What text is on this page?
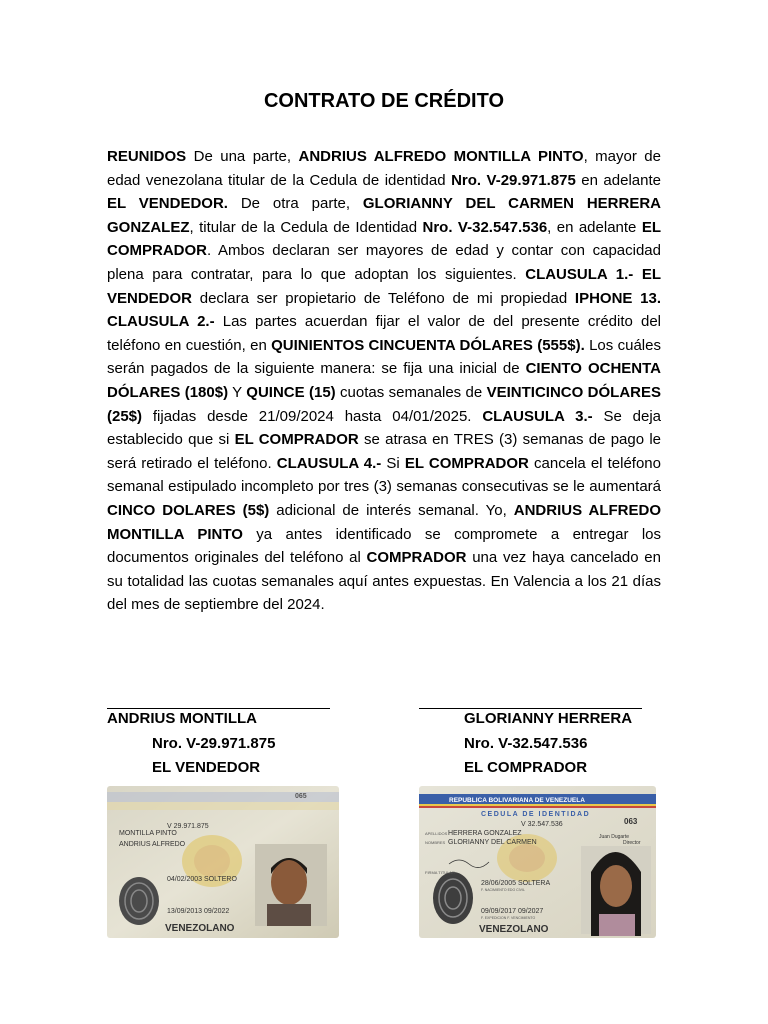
CONTRATO DE CRÉDITO
REUNIDOS De una parte, ANDRIUS ALFREDO MONTILLA PINTO, mayor de edad venezolana titular de la Cedula de identidad Nro. V-29.971.875 en adelante EL VENDEDOR. De otra parte, GLORIANNY DEL CARMEN HERRERA GONZALEZ, titular de la Cedula de Identidad Nro. V-32.547.536, en adelante EL COMPRADOR. Ambos declaran ser mayores de edad y contar con capacidad plena para contratar, para lo que adoptan los siguientes. CLAUSULA 1.- EL VENDEDOR declara ser propietario de Teléfono de mi propiedad IPHONE 13. CLAUSULA 2.- Las partes acuerdan fijar el valor de del presente crédito del teléfono en cuestión, en QUINIENTOS CINCUENTA DÓLARES (555$). Los cuáles serán pagados de la siguiente manera: se fija una inicial de CIENTO OCHENTA DÓLARES (180$) Y QUINCE (15) cuotas semanales de VEINTICINCO DÓLARES (25$) fijadas desde 21/09/2024 hasta 04/01/2025. CLAUSULA 3.- Se deja establecido que si EL COMPRADOR se atrasa en TRES (3) semanas de pago le será retirado el teléfono. CLAUSULA 4.- Si EL COMPRADOR cancela el teléfono semanal estipulado incompleto por tres (3) semanas consecutivas se le aumentará CINCO DOLARES (5$) adicional de interés semanal. Yo, ANDRIUS ALFREDO MONTILLA PINTO ya antes identificado se compromete a entregar los documentos originales del teléfono al COMPRADOR una vez haya cancelado en su totalidad las cuotas semanales aquí antes expuestas. En Valencia a los 21 días del mes de septiembre del 2024.
ANDRIUS MONTILLA
Nro. V-29.971.875
EL VENDEDOR
GLORIANNY HERRERA
Nro. V-32.547.536
EL COMPRADOR
065
V 29.971.875
MONTILLA PINTO
ANDRIUS ALFREDO
04/02/2003 SOLTERO
13/09/2013 09/2022
VENEZOLANO
REPUBLICA BOLIVARIANA DE VENEZUELA
CEDULA DE IDENTIDAD
V 32.547.536	063
Juan Dugarte
Director
APELLIDOS HERRERA GONZALEZ
NOMBRES GLORIANNY DEL CARMEN
FIRMA TITULAR
28/06/2005 SOLTERA
F. NACIMIENTO EDO CIVIL
09/09/2017 09/2027
F. EXPEDICION F. VENCIMIENTO
VENEZOLANO
